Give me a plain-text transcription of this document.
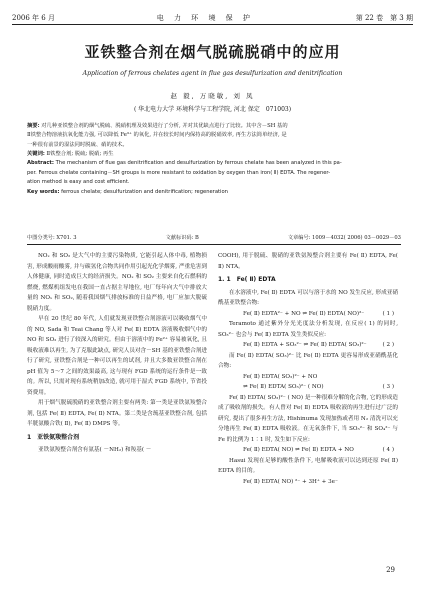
2006 年 6 月	电 力 环 境 保 护	第 22 卷　第 3 期
亚铁整合剂在烟气脱硫脱硝中的应用
Application of ferrous chelates agent in flue gas desulfurization and denitrification
赵 毅, 万晓敏, 刘 凤
( 华北电力大学 环境科学与工程学院, 河北 保定　071003)

摘要: 对几种亚铁整合剂的烟气脱硫、脱硝机理及效果进行了分析, 并对其优缺点进行了比较。其中含－SH 基的

Ⅱ铁整合物溶液抗氧化能力强, 可以降低 Fe³⁺ 的氧化, 并在较长时间内保持高的脱硝效率, 再生方法简单经济, 是

一种很有前景的湿法同时脱硫、硝的技术。

关键词: Ⅱ铁整合剂; 脱硫; 脱硝; 再生

Abstract: The mechanism of flue gas denitrification and desulfurization by ferrous chelate has been analyzed in this pa-

per. Ferrous chelate containing－SH groups is more resistant to oxidation by oxygen than iron( Ⅱ) EDTA. The regener-

ation method is easy and cost efficient.

Key words: ferrous chelate; desulfurization and denitrification; regeneration

中图分类号: X701. 3	文献标识码: B	文章编号: 1009－4032( 2006) 03－0029－03

NOₓ 和 SO₂ 是大气中的主要污染物质, 它能引起人体中毒, 植物损害, 形成酸雨酸雾, 并与碳氢化合物共同作用引起光化学烟雾, 严重危害到人体健康, 同时造成巨大的经济损失。NOₓ 和 SO₂ 主要来自化石燃料的燃烧, 燃煤机组发电在我国一直占据主导地位, 电厂每年向大气中排放大量的 NOₓ 和 SO₂, 随着我国烟气排放标准的日益严格, 电厂应加大脱硫脱硝力度。

早在 20 世纪 80 年代, 人们就发现亚铁整合剂溶液可以吸收烟气中的 NO, Sada 和 Teai Chang 等人对 Fe( Ⅱ) EDTA 溶液吸收烟气中的 NO 和 SO₂ 进行了较深入的研究。但由于溶液中的 Fe²⁺ 容易被氧化, 且吸收液难以再生, 为了克服此缺点, 研究人员对含－SH 基的亚铁整合剂进行了研究, 亚铁整合剂是一种可以再生的试剂, 并且大多数亚铁整合剂在 pH 值为 5～7 之间的效果最高, 这与现有 FGD 系统的运行条件是一致的。所以, 只需对现有系统稍加改造, 就可用于湿式 FGD 系统中, 节省投资费用。

用于烟气脱硫脱硝的亚铁整合剂主要有两类: 第一类是亚铁氨羧整合剂, 包括 Fe( Ⅱ) EDTA, Fe( Ⅱ) NTA。第二类是含巯基亚铁整合剂, 包括半胱氨酸合铁( Ⅱ), Fe( Ⅱ) DMPS 等。

1　亚铁氨羧整合剂

亚铁氨羧整合剂含有氨基( －NH₂) 和羧基( －

COOH), 用于脱硫、脱硝的亚铁氨羧整合剂主要有 Fe( Ⅱ) EDTA, Fe( Ⅱ) NTA。

1. 1　Fe( Ⅱ) EDTA

在水溶液中, Fe( Ⅱ) EDTA 可以与溶于水的 NO 发生反应, 形成亚硝酰基亚铁整合物:

Fe( Ⅱ) EDTA²⁻ + NO ⇌ Fe( Ⅱ) EDTA( NO)²⁻	( 1 )

Teramoto 通过紫外分光光度法分析发现, 在反应( 1) 的同时, SO₃²⁻ 也会与 Fe( Ⅱ) EDTA 发生类似反应:

Fe( Ⅱ) EDTA + SO₃²⁻ ⇌ Fe( Ⅱ) EDTA( SO₃)²⁻	( 2 )

而 Fe( Ⅱ) EDTA( SO₃)²⁻ 比 Fe( Ⅱ) EDTA 更容易形成亚硝酰基化合物:

Fe( Ⅱ) EDTA( SO₃)²⁻ + NO

⇌ Fe( Ⅱ) EDTA( SO₃)²⁻ ( NO)	( 3 )

Fe( Ⅱ) EDTA( SO₃)²⁻ ( NO) 是一种很难分解的化合物, 它的形成造成了吸收剂的损失。有人曾对 Fe( Ⅱ) EDTA 吸收液的再生进行过广泛的研究, 提出了很多再生方法, Hishinuma 发现加热或者用 N₂ 清洗可以充分地再生 Fe( Ⅱ) EDTA 吸收液。在无氧条件下, 当 SO₃²⁻ 和 SO₄²⁻ 与 Fe 的比例为 1∶1 时, 发生如下反应:

Fe( Ⅱ) EDTA( NO) ⇌ Fe( Ⅱ) EDTA + NO	( 4 )

Hasui 发现在足够的酸性条件下, 电解吸收液可以达到还原 Fe( Ⅱ) EDTA 的目的。

Fe( Ⅱ) EDTA( NO) ²⁻ + 3H⁺ + 3e⁻

29
